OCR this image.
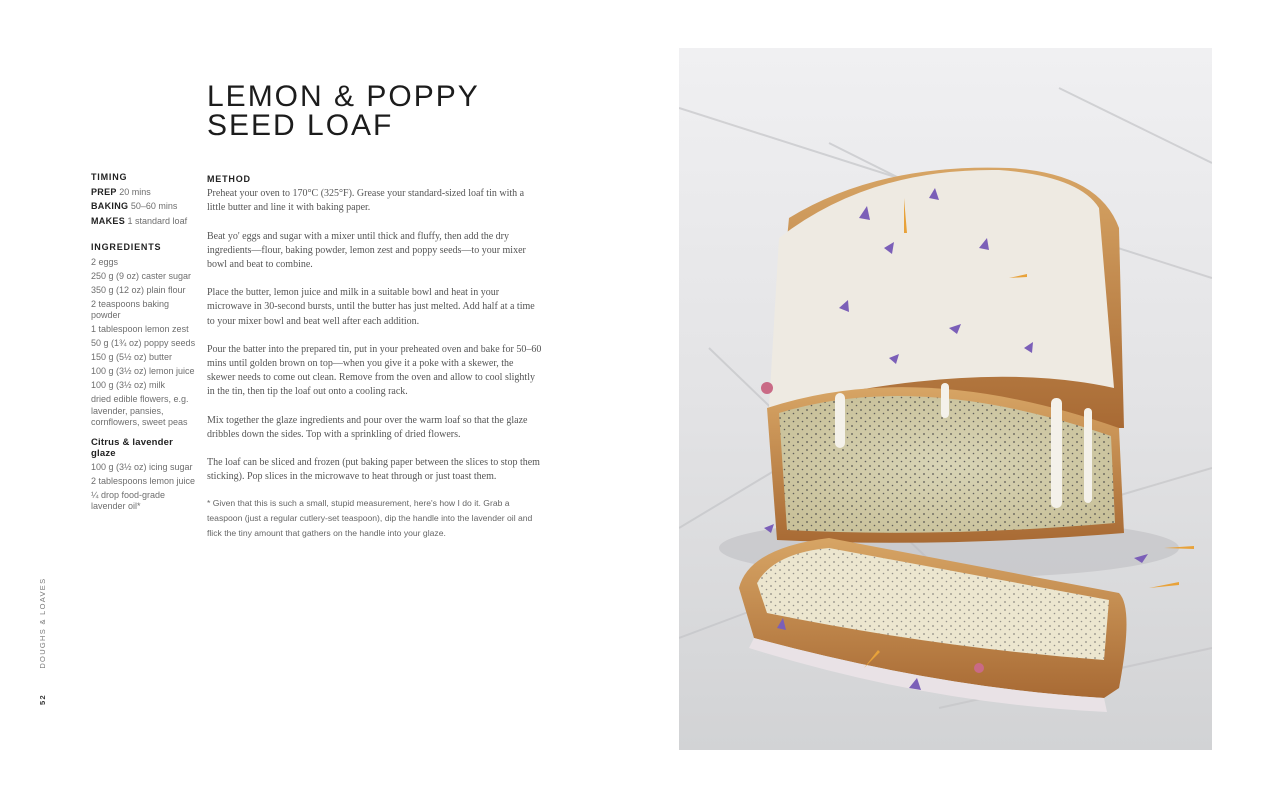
LEMON & POPPY
SEED LOAF
TIMING
PREP 20 mins
BAKING 50–60 mins
MAKES 1 standard loaf
INGREDIENTS
2 eggs
250 g (9 oz) caster sugar
350 g (12 oz) plain flour
2 teaspoons baking powder
1 tablespoon lemon zest
50 g (1¾ oz) poppy seeds
150 g (5½ oz) butter
100 g (3½ oz) lemon juice
100 g (3½ oz) milk
dried edible flowers, e.g. lavender, pansies, cornflowers, sweet peas
Citrus & lavender glaze
100 g (3½ oz) icing sugar
2 tablespoons lemon juice
¼ drop food-grade lavender oil*
METHOD

Preheat your oven to 170°C (325°F). Grease your standard-sized loaf tin with a little butter and line it with baking paper.

Beat yo' eggs and sugar with a mixer until thick and fluffy, then add the dry ingredients—flour, baking powder, lemon zest and poppy seeds—to your mixer bowl and beat to combine.

Place the butter, lemon juice and milk in a suitable bowl and heat in your microwave in 30-second bursts, until the butter has just melted. Add half at a time to your mixer bowl and beat well after each addition.

Pour the batter into the prepared tin, put in your preheated oven and bake for 50–60 mins until golden brown on top—when you give it a poke with a skewer, the skewer needs to come out clean. Remove from the oven and allow to cool slightly in the tin, then tip the loaf out onto a cooling rack.

Mix together the glaze ingredients and pour over the warm loaf so that the glaze dribbles down the sides. Top with a sprinkling of dried flowers.

The loaf can be sliced and frozen (put baking paper between the slices to stop them sticking). Pop slices in the microwave to heat through or just toast them.

* Given that this is such a small, stupid measurement, here's how I do it. Grab a teaspoon (just a regular cutlery-set teaspoon), dip the handle into the lavender oil and flick the tiny amount that gathers on the handle into your glaze.
52 DOUGHS & LOAVES
